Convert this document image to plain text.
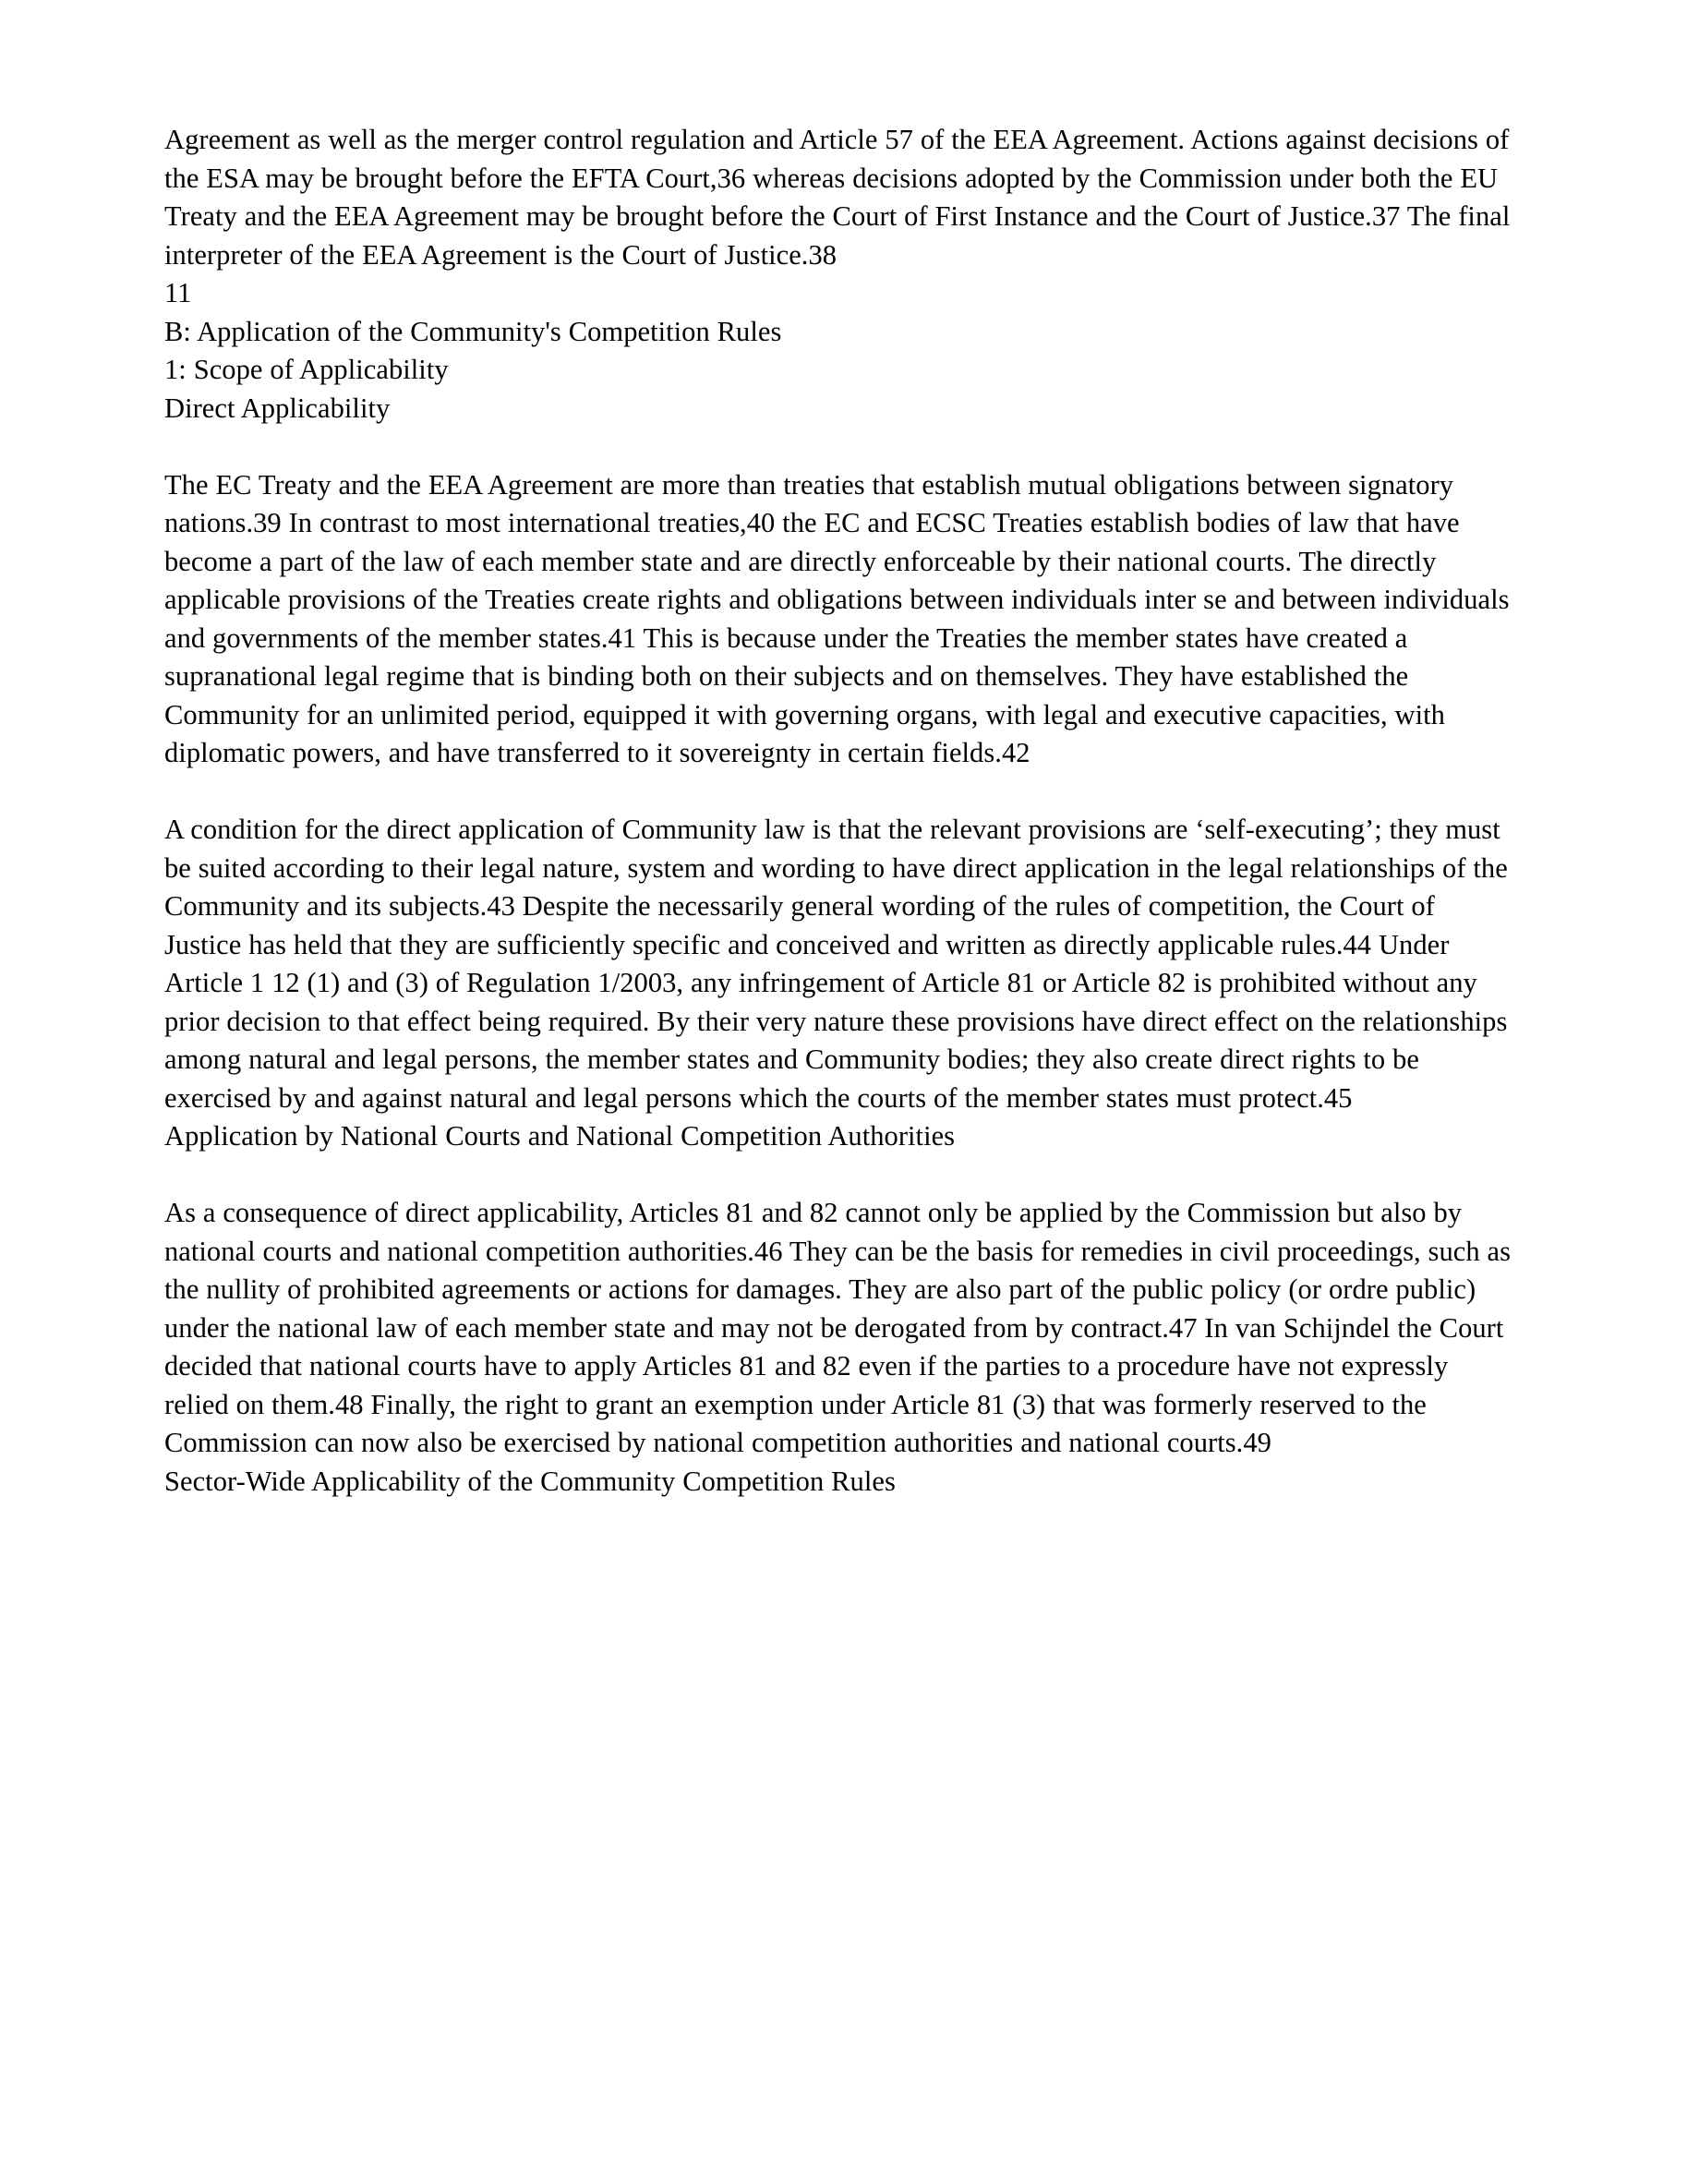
Agreement as well as the merger control regulation and Article 57 of the EEA Agreement. Actions against decisions of the ESA may be brought before the EFTA Court,36 whereas decisions adopted by the Commission under both the EU Treaty and the EEA Agreement may be brought before the Court of First Instance and the Court of Justice.37 The final interpreter of the EEA Agreement is the Court of Justice.38
11
B: Application of the Community's Competition Rules
1: Scope of Applicability
Direct Applicability
The EC Treaty and the EEA Agreement are more than treaties that establish mutual obligations between signatory nations.39 In contrast to most international treaties,40 the EC and ECSC Treaties establish bodies of law that have become a part of the law of each member state and are directly enforceable by their national courts. The directly applicable provisions of the Treaties create rights and obligations between individuals inter se and between individuals and governments of the member states.41 This is because under the Treaties the member states have created a supranational legal regime that is binding both on their subjects and on themselves. They have established the Community for an unlimited period, equipped it with governing organs, with legal and executive capacities, with diplomatic powers, and have transferred to it sovereignty in certain fields.42
A condition for the direct application of Community law is that the relevant provisions are ‘self-executing’; they must be suited according to their legal nature, system and wording to have direct application in the legal relationships of the Community and its subjects.43 Despite the necessarily general wording of the rules of competition, the Court of Justice has held that they are sufficiently specific and conceived and written as directly applicable rules.44 Under Article 1 12 (1) and (3) of Regulation 1/2003, any infringement of Article 81 or Article 82 is prohibited without any prior decision to that effect being required. By their very nature these provisions have direct effect on the relationships among natural and legal persons, the member states and Community bodies; they also create direct rights to be exercised by and against natural and legal persons which the courts of the member states must protect.45
Application by National Courts and National Competition Authorities
As a consequence of direct applicability, Articles 81 and 82 cannot only be applied by the Commission but also by national courts and national competition authorities.46 They can be the basis for remedies in civil proceedings, such as the nullity of prohibited agreements or actions for damages. They are also part of the public policy (or ordre public) under the national law of each member state and may not be derogated from by contract.47 In van Schijndel the Court decided that national courts have to apply Articles 81 and 82 even if the parties to a procedure have not expressly relied on them.48 Finally, the right to grant an exemption under Article 81 (3) that was formerly reserved to the Commission can now also be exercised by national competition authorities and national courts.49
Sector-Wide Applicability of the Community Competition Rules
